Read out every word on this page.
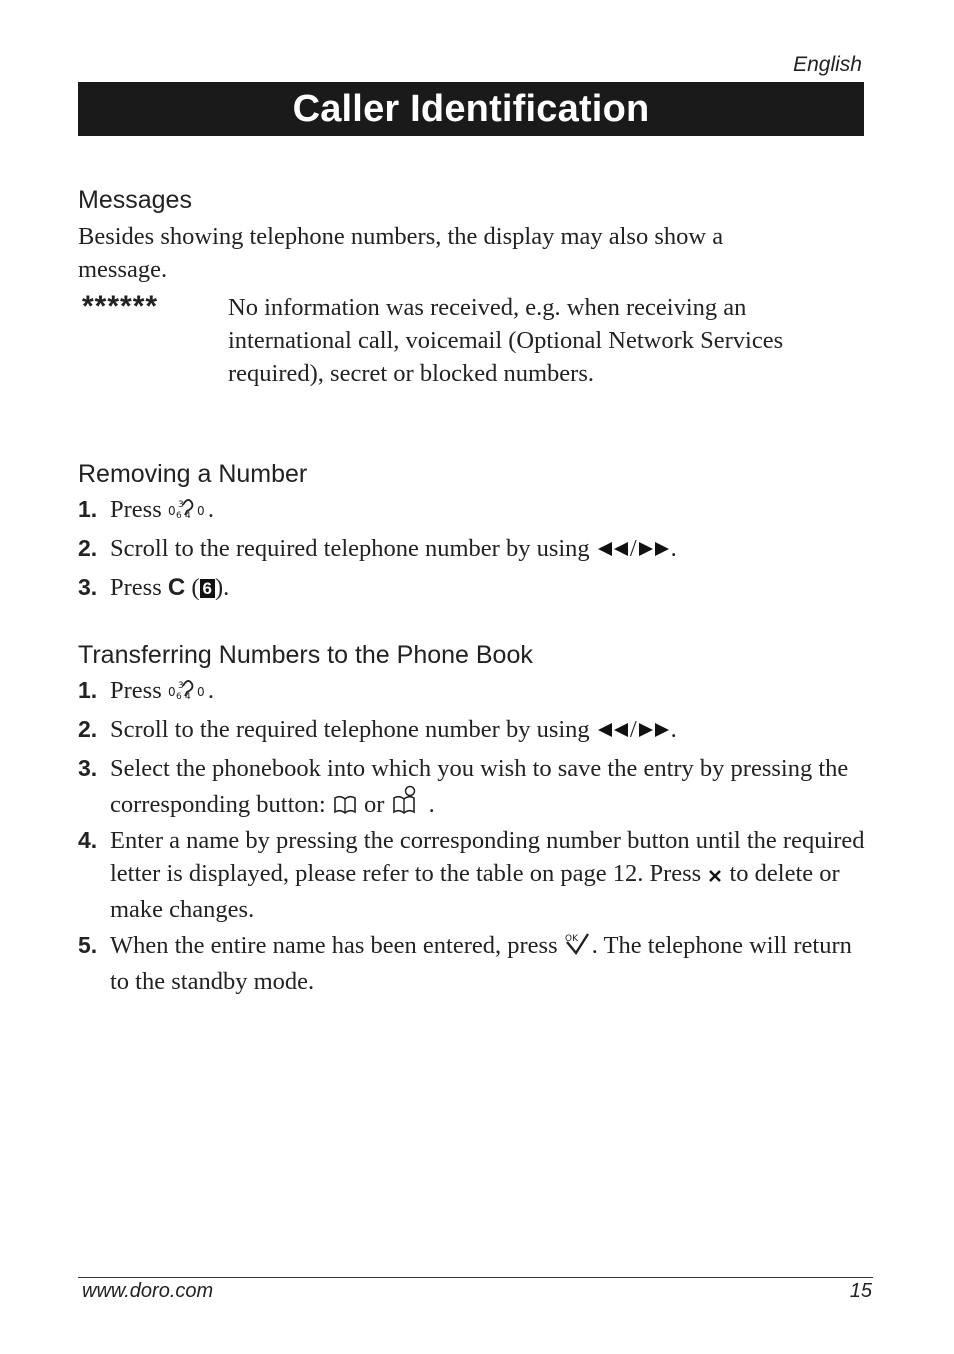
English
Caller Identification
Messages
Besides showing telephone numbers, the display may also show a message.
******	No information was received, e.g. when receiving an international call, voicemail (Optional Network Services required), secret or blocked numbers.
Removing a Number
1. Press 0 3
6 4 0 .
2. Scroll to the required telephone number by using / .
3. Press C ( 6 ).
Transferring Numbers to the Phone Book
1. Press 0 3
6 4 0 .
2. Scroll to the required telephone number by using / .
3. Select the phonebook into which you wish to save the entry by pressing the corresponding button:  or  .
4. Enter a name by pressing the corresponding number button until the required letter is displayed, please refer to the table on page 12. Press  to delete or make changes.
5. When the entire name has been entered, press OK . The telephone will return to the standby mode.
www.doro.com	15
